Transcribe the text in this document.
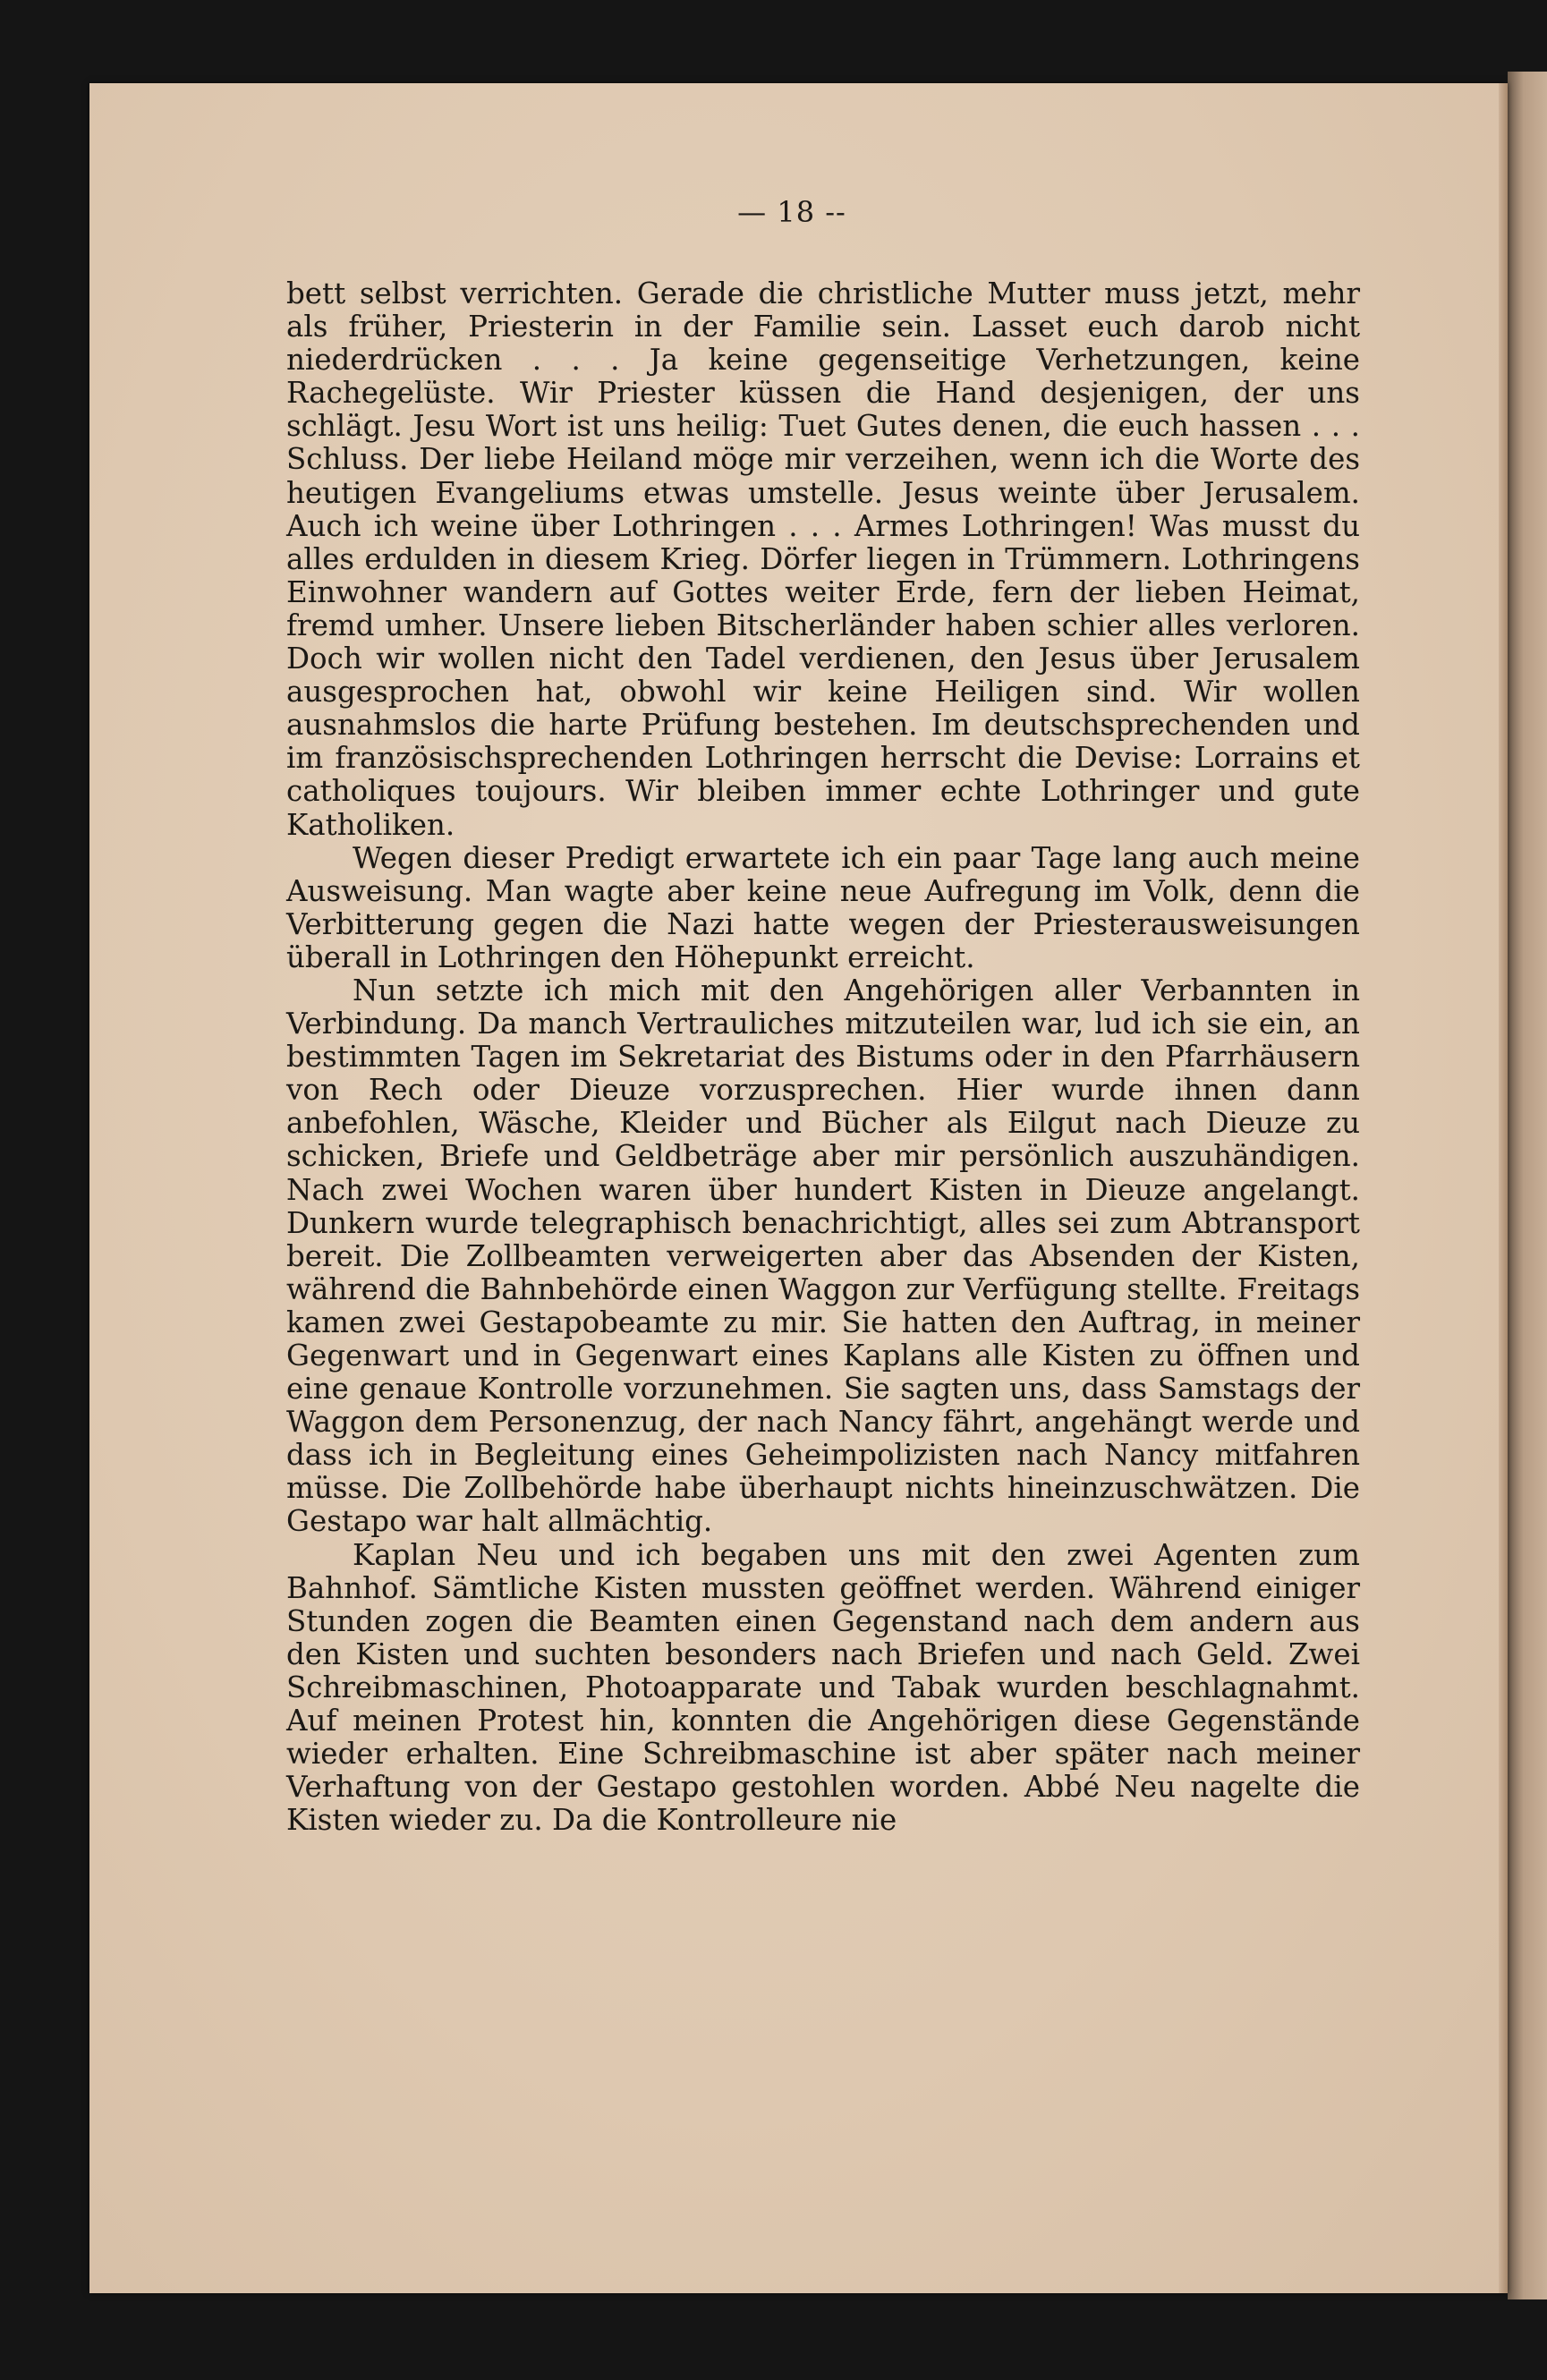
— 18 --

bett selbst verrichten. Gerade die christliche Mutter muss jetzt, mehr als früher, Priesterin in der Familie sein. Lasset euch darob nicht niederdrücken . . . Ja keine gegenseitige Verhetzungen, keine Rachegelüste. Wir Priester küssen die Hand desjenigen, der uns schlägt. Jesu Wort ist uns heilig: Tuet Gutes denen, die euch hassen . . . Schluss. Der liebe Heiland möge mir verzeihen, wenn ich die Worte des heutigen Evangeliums etwas umstelle. Jesus weinte über Jerusalem. Auch ich weine über Lothringen . . . Armes Lothringen! Was musst du alles erdulden in diesem Krieg. Dörfer liegen in Trümmern. Lothringens Einwohner wandern auf Gottes weiter Erde, fern der lieben Heimat, fremd umher. Unsere lieben Bitscherländer haben schier alles verloren. Doch wir wollen nicht den Tadel verdienen, den Jesus über Jerusalem ausgesprochen hat, obwohl wir keine Heiligen sind. Wir wollen ausnahmslos die harte Prüfung bestehen. Im deutschsprechenden und im französischsprechenden Lothringen herrscht die Devise: Lorrains et catholiques toujours. Wir bleiben immer echte Lothringer und gute Katholiken.

Wegen dieser Predigt erwartete ich ein paar Tage lang auch meine Ausweisung. Man wagte aber keine neue Aufregung im Volk, denn die Verbitterung gegen die Nazi hatte wegen der Priesterausweisungen überall in Lothringen den Höhepunkt erreicht.

Nun setzte ich mich mit den Angehörigen aller Verbannten in Verbindung. Da manch Vertrauliches mitzuteilen war, lud ich sie ein, an bestimmten Tagen im Sekretariat des Bistums oder in den Pfarrhäusern von Rech oder Dieuze vorzusprechen. Hier wurde ihnen dann anbefohlen, Wäsche, Kleider und Bücher als Eilgut nach Dieuze zu schicken, Briefe und Geldbeträge aber mir persönlich auszuhändigen. Nach zwei Wochen waren über hundert Kisten in Dieuze angelangt. Dunkern wurde telegraphisch benachrichtigt, alles sei zum Abtransport bereit. Die Zollbeamten verweigerten aber das Absenden der Kisten, während die Bahnbehörde einen Waggon zur Verfügung stellte. Freitags kamen zwei Gestapobeamte zu mir. Sie hatten den Auftrag, in meiner Gegenwart und in Gegenwart eines Kaplans alle Kisten zu öffnen und eine genaue Kontrolle vorzunehmen. Sie sagten uns, dass Samstags der Waggon dem Personenzug, der nach Nancy fährt, angehängt werde und dass ich in Begleitung eines Geheimpolizisten nach Nancy mitfahren müsse. Die Zollbehörde habe überhaupt nichts hineinzuschwätzen. Die Gestapo war halt allmächtig.

Kaplan Neu und ich begaben uns mit den zwei Agenten zum Bahnhof. Sämtliche Kisten mussten geöffnet werden. Während einiger Stunden zogen die Beamten einen Gegenstand nach dem andern aus den Kisten und suchten besonders nach Briefen und nach Geld. Zwei Schreibmaschinen, Photoapparate und Tabak wurden beschlagnahmt. Auf meinen Protest hin, konnten die Angehörigen diese Gegenstände wieder erhalten. Eine Schreibmaschine ist aber später nach meiner Verhaftung von der Gestapo gestohlen worden. Abbé Neu nagelte die Kisten wieder zu. Da die Kontrolleure nie
